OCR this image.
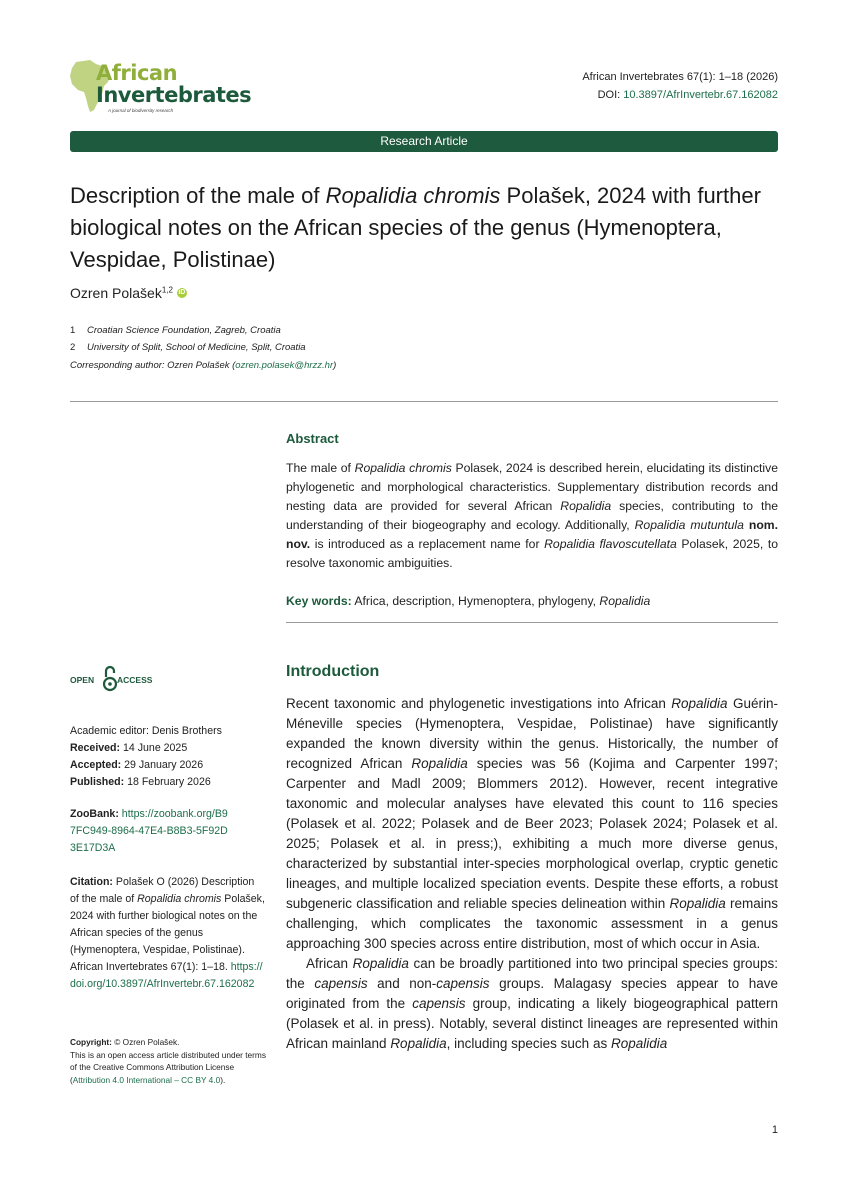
African
Invertebrates
A journal of biodiversity research
African Invertebrates 67(1): 1–18 (2026)
DOI: 10.3897/AfrInvertebr.67.162082
Research Article
Description of the male of Ropalidia chromis Polašek, 2024 with further biological notes on the African species of the genus (Hymenoptera, Vespidae, Polistinae)
Ozren Polašek$^{1,2}$ iD
1 Croatian Science Foundation, Zagreb, Croatia
2 University of Split, School of Medicine, Split, Croatia
Corresponding author: Ozren Polašek (ozren.polasek@hrzz.hr)
Abstract
The male of Ropalidia chromis Polasek, 2024 is described herein, elucidating its distinctive phylogenetic and morphological characteristics. Supplementary distribution records and nesting data are provided for several African Ropalidia species, contributing to the understanding of their biogeography and ecology. Additionally, Ropalidia mutuntula nom. nov. is introduced as a replacement name for Ropalidia flavoscutellata Polasek, 2025, to resolve taxonomic ambiguities.
Key words: Africa, description, Hymenoptera, phylogeny, Ropalidia
OPEN	ACCESS
Academic editor: Denis Brothers
Received: 14 June 2025
Accepted: 29 January 2026
Published: 18 February 2026
ZooBank: https://zoobank.org/B97FC949-8964-47E4-B8B3-5F92D3E17D3A
Citation: Polašek O (2026) Description of the male of Ropalidia chromis Polašek, 2024 with further biological notes on the African species of the genus (Hymenoptera, Vespidae, Polistinae). African Invertebrates 67(1): 1–18. https://doi.org/10.3897/AfrInvertebr.67.162082
Copyright: © Ozren Polašek.
This is an open access article distributed under terms of the Creative Commons Attribution License (Attribution 4.0 International – CC BY 4.0).
Introduction

Recent taxonomic and phylogenetic investigations into African Ropalidia Guérin-Méneville species (Hymenoptera, Vespidae, Polistinae) have significantly expanded the known diversity within the genus. Historically, the number of recognized African Ropalidia species was 56 (Kojima and Carpenter 1997; Carpenter and Madl 2009; Blommers 2012). However, recent integrative taxonomic and molecular analyses have elevated this count to 116 species (Polasek et al. 2022; Polasek and de Beer 2023; Polasek 2024; Polasek et al. 2025; Polasek et al. in press;), exhibiting a much more diverse genus, characterized by substantial inter-species morphological overlap, cryptic genetic lineages, and multiple localized speciation events. Despite these efforts, a robust subgeneric classification and reliable species delineation within Ropalidia remains challenging, which complicates the taxonomic assessment in a genus approaching 300 species across entire distribution, most of which occur in Asia.

African Ropalidia can be broadly partitioned into two principal species groups: the capensis and non-capensis groups. Malagasy species appear to have originated from the capensis group, indicating a likely biogeographical pattern (Polasek et al. in press). Notably, several distinct lineages are represented within African mainland Ropalidia, including species such as Ropalidia

1
